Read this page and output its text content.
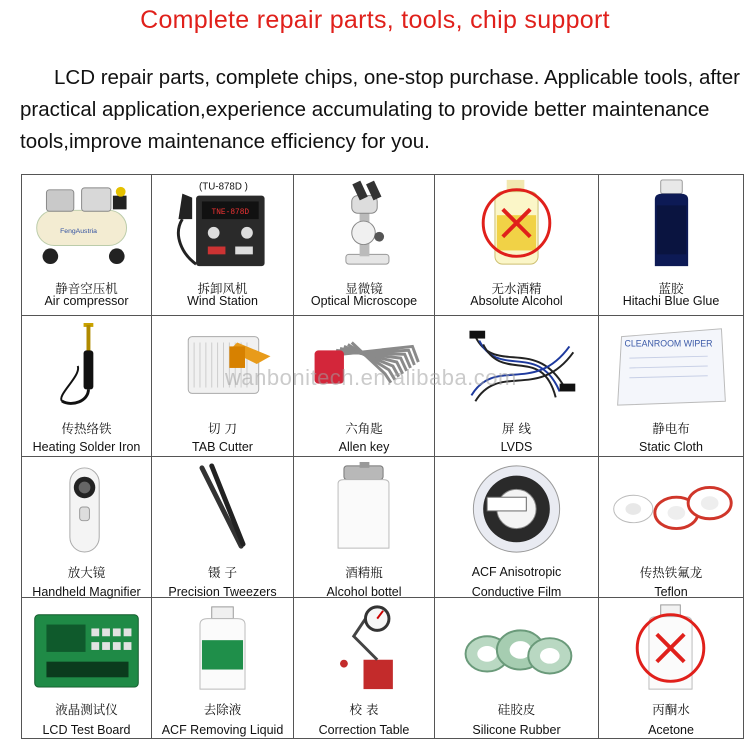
Complete repair parts, tools, chip support

LCD repair parts, complete chips, one-stop purchase. Applicable tools, after practical application,experience accumulating to provide better maintenance tools,improve maintenance efficiency for you.

FengAustria
静音空压机
Air compressor
(TU-878D )
TNE-878D
拆卸风机
Wind Station
显微镜
Optical Microscope
无水酒精
Absolute Alcohol
蓝胶
Hitachi Blue Glue
传热络铁
Heating Solder Iron
切 刀
TAB Cutter
六角匙
Allen key
屏 线
LVDS
CLEANROOM WIPER
静电布
Static Cloth
放大镜
Handheld Magnifier
镊 子
Precision Tweezers
酒精瓶
Alcohol bottel
ACF Anisotropic
Conductive Film
传热铁氟龙
Teflon
液晶测试仪
LCD Test Board
去除液
ACF Removing Liquid
校 表
Correction Table
硅胶皮
Silicone Rubber
丙酮水
Acetone
wanbonitech.en.alibaba.com
